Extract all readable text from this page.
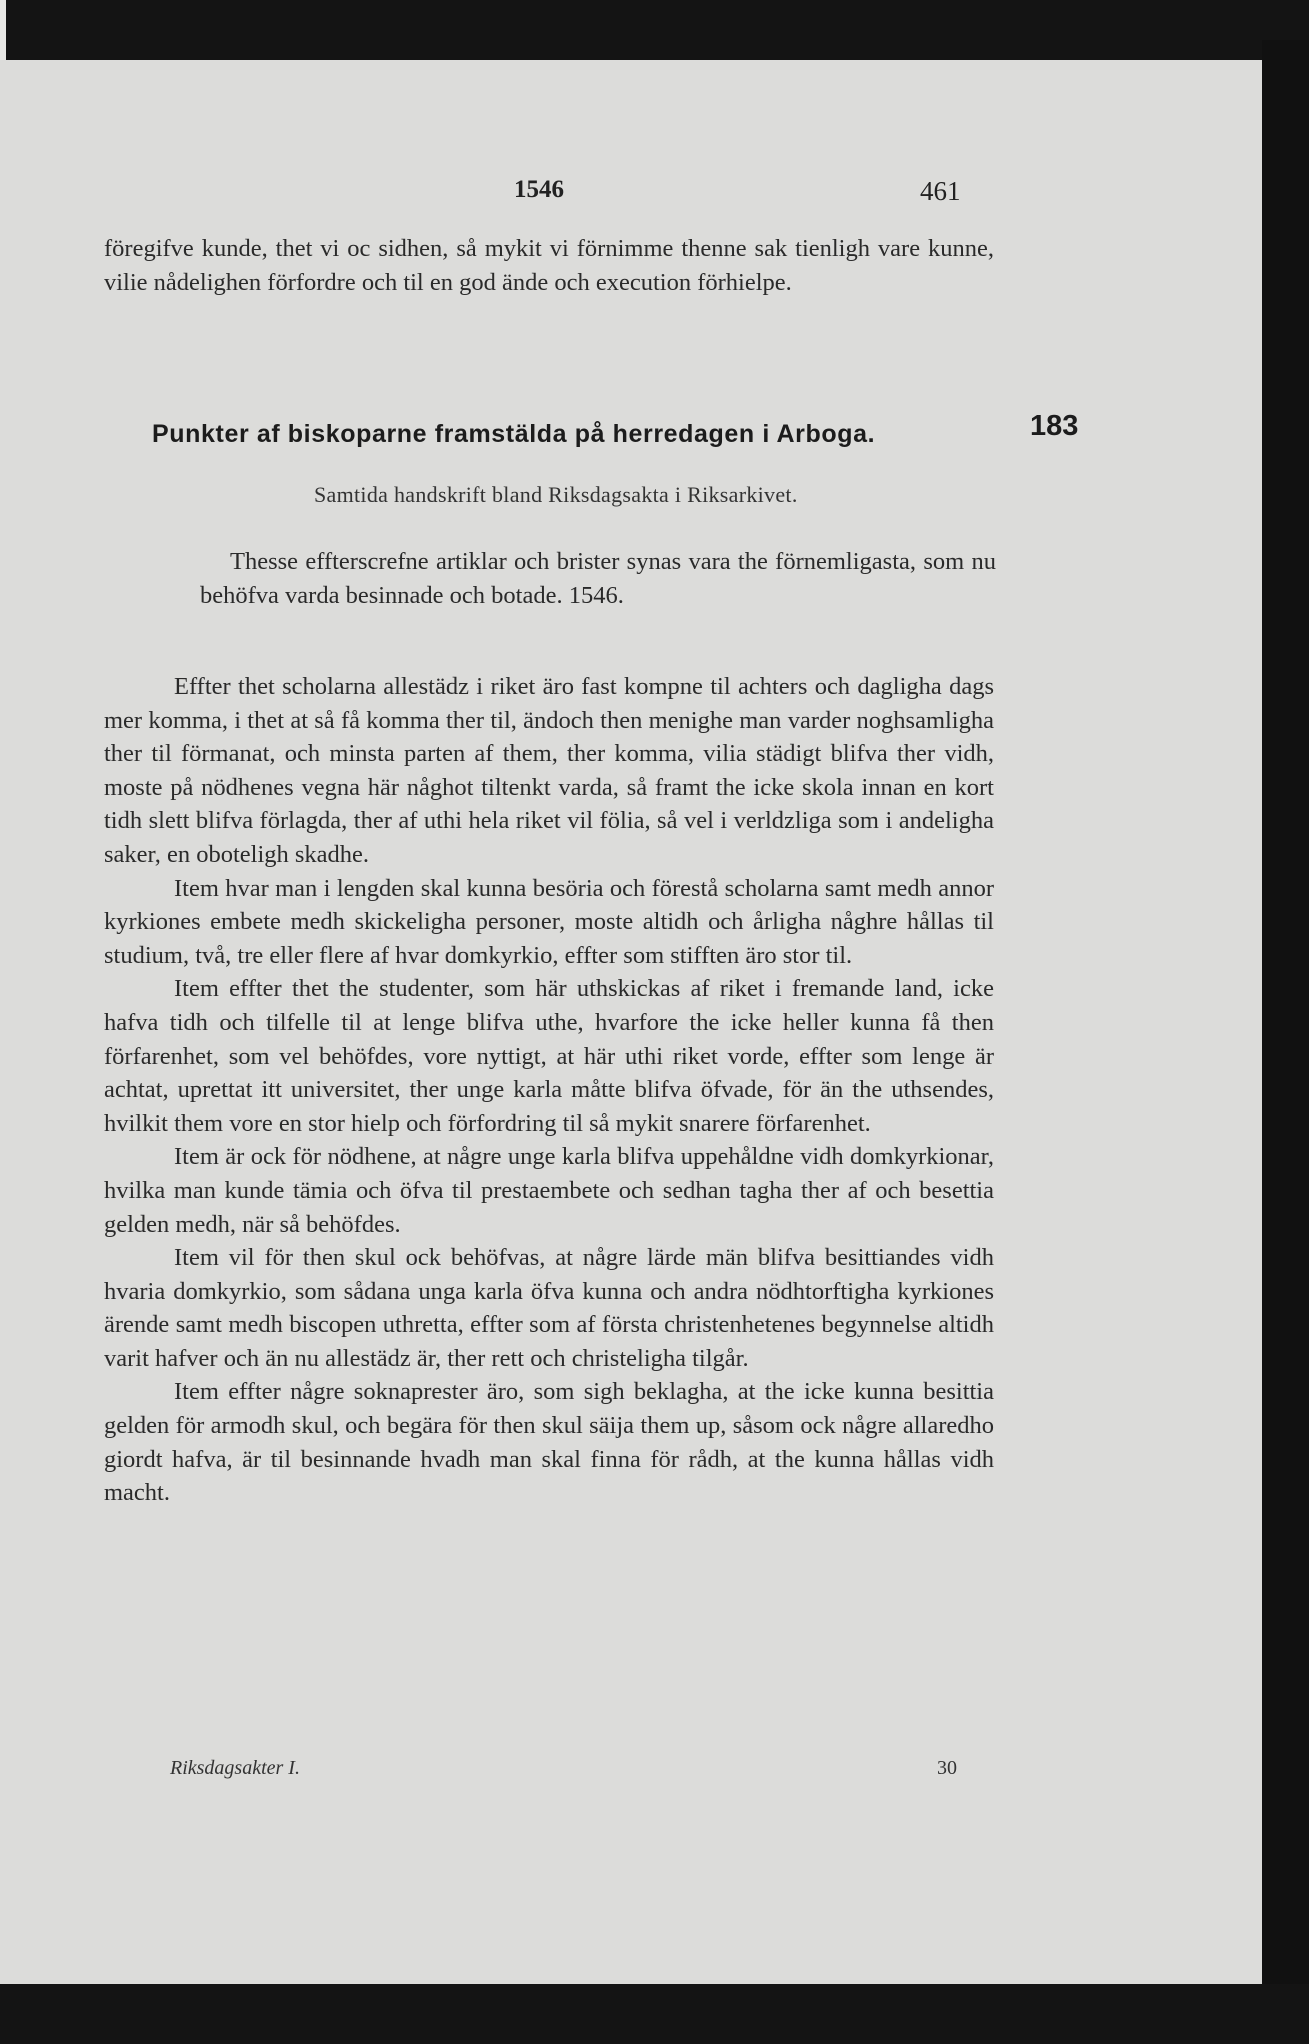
1546	461

föregifve kunde, thet vi oc sidhen, så mykit vi förnimme thenne sak tienligh vare kunne, vilie nådelighen förfordre och til en god ände och execution förhielpe.

Punkter af biskoparne framstälda på herredagen i Arboga.	183
Samtida handskrift bland Riksdagsakta i Riksarkivet.

Thesse effterscrefne artiklar och brister synas vara the förnemligasta, som nu behöfva varda besinnade och botade. 1546.

Effter thet scholarna allestädz i riket äro fast kompne til achters och dagligha dags mer komma, i thet at så få komma ther til, ändoch then menighe man varder noghsamligha ther til förmanat, och minsta parten af them, ther komma, vilia städigt blifva ther vidh, moste på nödhenes vegna här någhot tiltenkt varda, så framt the icke skola innan en kort tidh slett blifva förlagda, ther af uthi hela riket vil fölia, så vel i verldzliga som i andeligha saker, en oboteligh skadhe.

Item hvar man i lengden skal kunna besöria och förestå scholarna samt medh annor kyrkiones embete medh skickeligha personer, moste altidh och årligha någhre hållas til studium, två, tre eller flere af hvar domkyrkio, effter som stifften äro stor til.

Item effter thet the studenter, som här uthskickas af riket i fremande land, icke hafva tidh och tilfelle til at lenge blifva uthe, hvarfore the icke heller kunna få then förfarenhet, som vel behöfdes, vore nyttigt, at här uthi riket vorde, effter som lenge är achtat, uprettat itt universitet, ther unge karla måtte blifva öfvade, för än the uthsendes, hvilkit them vore en stor hielp och förfordring til så mykit snarere förfarenhet.

Item är ock för nödhene, at någre unge karla blifva uppehåldne vidh domkyrkionar, hvilka man kunde tämia och öfva til prestaembete och sedhan tagha ther af och besettia gelden medh, när så behöfdes.

Item vil för then skul ock behöfvas, at någre lärde män blifva besittiandes vidh hvaria domkyrkio, som sådana unga karla öfva kunna och andra nödhtorftigha kyrkiones ärende samt medh biscopen uthretta, effter som af första christenhetenes begynnelse altidh varit hafver och än nu allestädz är, ther rett och christeligha tilgår.

Item effter någre soknaprester äro, som sigh beklagha, at the icke kunna besittia gelden för armodh skul, och begära för then skul säija them up, såsom ock någre allaredho giordt hafva, är til besinnande hvadh man skal finna för rådh, at the kunna hållas vidh macht.

Riksdagsakter I.	30
